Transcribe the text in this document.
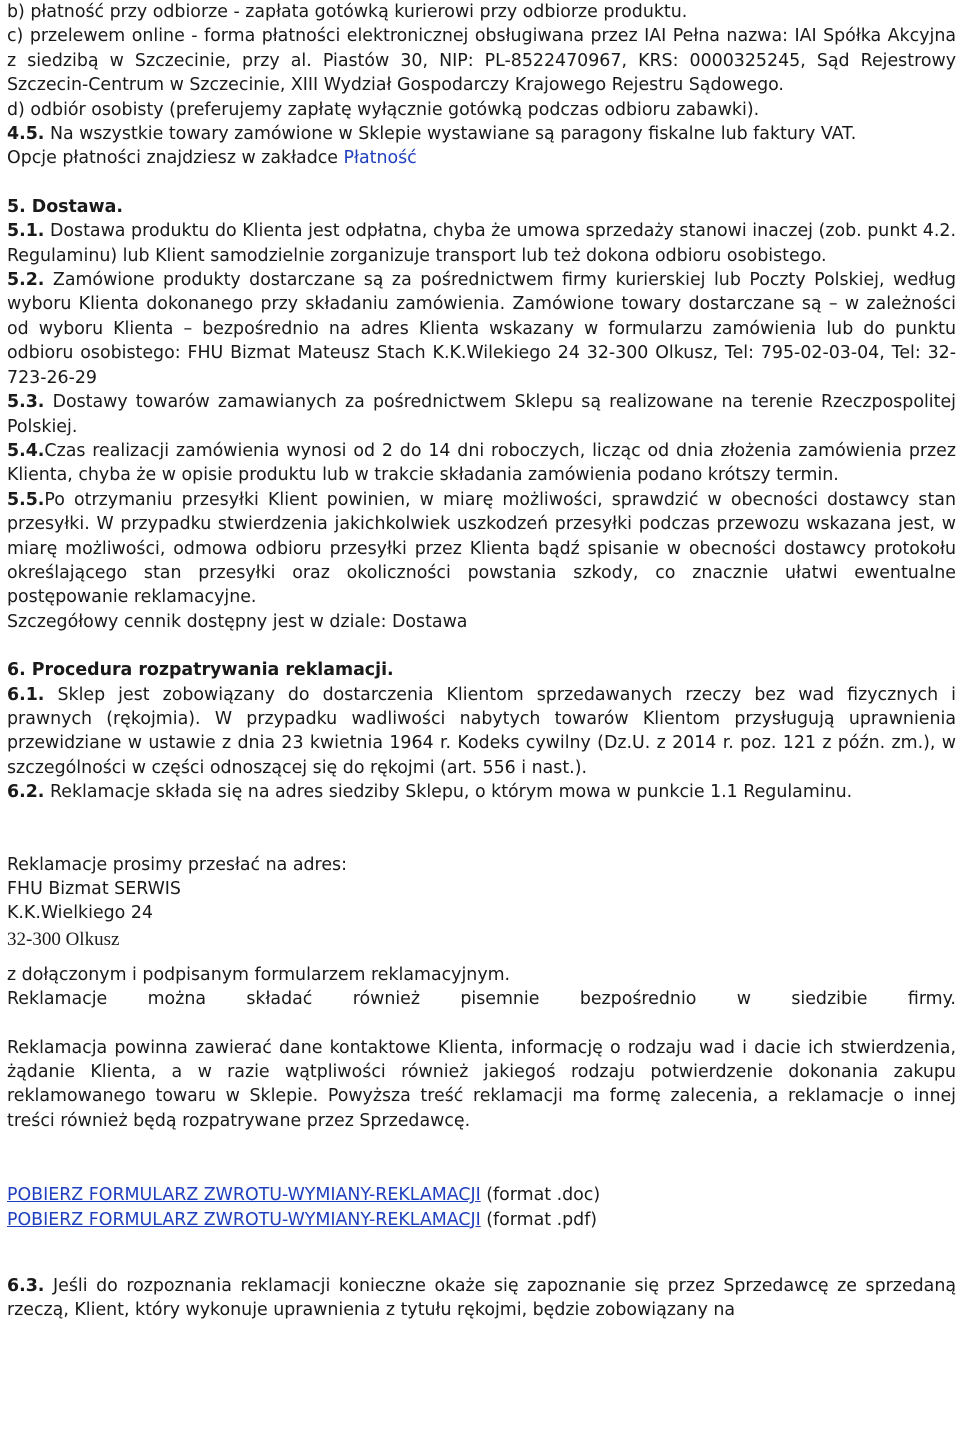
b) płatność przy odbiorze - zapłata gotówką kurierowi przy odbiorze produktu.

c) przelewem online - forma płatności elektronicznej obsługiwana przez IAI Pełna nazwa: IAI Spółka Akcyjna z siedzibą w Szczecinie, przy al. Piastów 30, NIP: PL-8522470967, KRS: 0000325245, Sąd Rejestrowy Szczecin-Centrum w Szczecinie, XIII Wydział Gospodarczy Krajowego Rejestru Sądowego.

d) odbiór osobisty (preferujemy zapłatę wyłącznie gotówką podczas odbioru zabawki).

4.5. Na wszystkie towary zamówione w Sklepie wystawiane są paragony fiskalne lub faktury VAT.

Opcje płatności znajdziesz w zakładce Płatność

5. Dostawa.

5.1. Dostawa produktu do Klienta jest odpłatna, chyba że umowa sprzedaży stanowi inaczej (zob. punkt 4.2. Regulaminu) lub Klient samodzielnie zorganizuje transport lub też dokona odbioru osobistego.

5.2. Zamówione produkty dostarczane są za pośrednictwem firmy kurierskiej lub Poczty Polskiej, według wyboru Klienta dokonanego przy składaniu zamówienia. Zamówione towary dostarczane są – w zależności od wyboru Klienta – bezpośrednio na adres Klienta wskazany w formularzu zamówienia lub do punktu odbioru osobistego: FHU Bizmat Mateusz Stach K.K.Wilekiego 24 32-300 Olkusz, Tel: 795-02-03-04, Tel: 32-723-26-29

5.3. Dostawy towarów zamawianych za pośrednictwem Sklepu są realizowane na terenie Rzeczpospolitej Polskiej.

5.4.Czas realizacji zamówienia wynosi od 2 do 14 dni roboczych, licząc od dnia złożenia zamówienia przez Klienta, chyba że w opisie produktu lub w trakcie składania zamówienia podano krótszy termin.

5.5.Po otrzymaniu przesyłki Klient powinien, w miarę możliwości, sprawdzić w obecności dostawcy stan przesyłki. W przypadku stwierdzenia jakichkolwiek uszkodzeń przesyłki podczas przewozu wskazana jest, w miarę możliwości, odmowa odbioru przesyłki przez Klienta bądź spisanie w obecności dostawcy protokołu określającego stan przesyłki oraz okoliczności powstania szkody, co znacznie ułatwi ewentualne postępowanie reklamacyjne.

Szczegółowy cennik dostępny jest w dziale: Dostawa

6. Procedura rozpatrywania reklamacji.

6.1. Sklep jest zobowiązany do dostarczenia Klientom sprzedawanych rzeczy bez wad fizycznych i prawnych (rękojmia). W przypadku wadliwości nabytych towarów Klientom przysługują uprawnienia przewidziane w ustawie z dnia 23 kwietnia 1964 r. Kodeks cywilny (Dz.U. z 2014 r. poz. 121 z późn. zm.), w szczególności w części odnoszącej się do rękojmi (art. 556 i nast.).

6.2. Reklamacje składa się na adres siedziby Sklepu, o którym mowa w punkcie 1.1 Regulaminu.

Reklamacje prosimy przesłać na adres:

FHU Bizmat SERWIS

K.K.Wielkiego 24

32-300 Olkusz

z dołączonym i podpisanym formularzem reklamacyjnym.

Reklamacje można składać również pisemnie bezpośrednio w siedzibie firmy.

Reklamacja powinna zawierać dane kontaktowe Klienta, informację o rodzaju wad i dacie ich stwierdzenia, żądanie Klienta, a w razie wątpliwości również jakiegoś rodzaju potwierdzenie dokonania zakupu reklamowanego towaru w Sklepie. Powyższa treść reklamacji ma formę zalecenia, a reklamacje o innej treści również będą rozpatrywane przez Sprzedawcę.

POBIERZ FORMULARZ ZWROTU-WYMIANY-REKLAMACJI (format .doc)

POBIERZ FORMULARZ ZWROTU-WYMIANY-REKLAMACJI (format .pdf)

6.3. Jeśli do rozpoznania reklamacji konieczne okaże się zapoznanie się przez Sprzedawcę ze sprzedaną rzeczą, Klient, który wykonuje uprawnienia z tytułu rękojmi, będzie zobowiązany na
